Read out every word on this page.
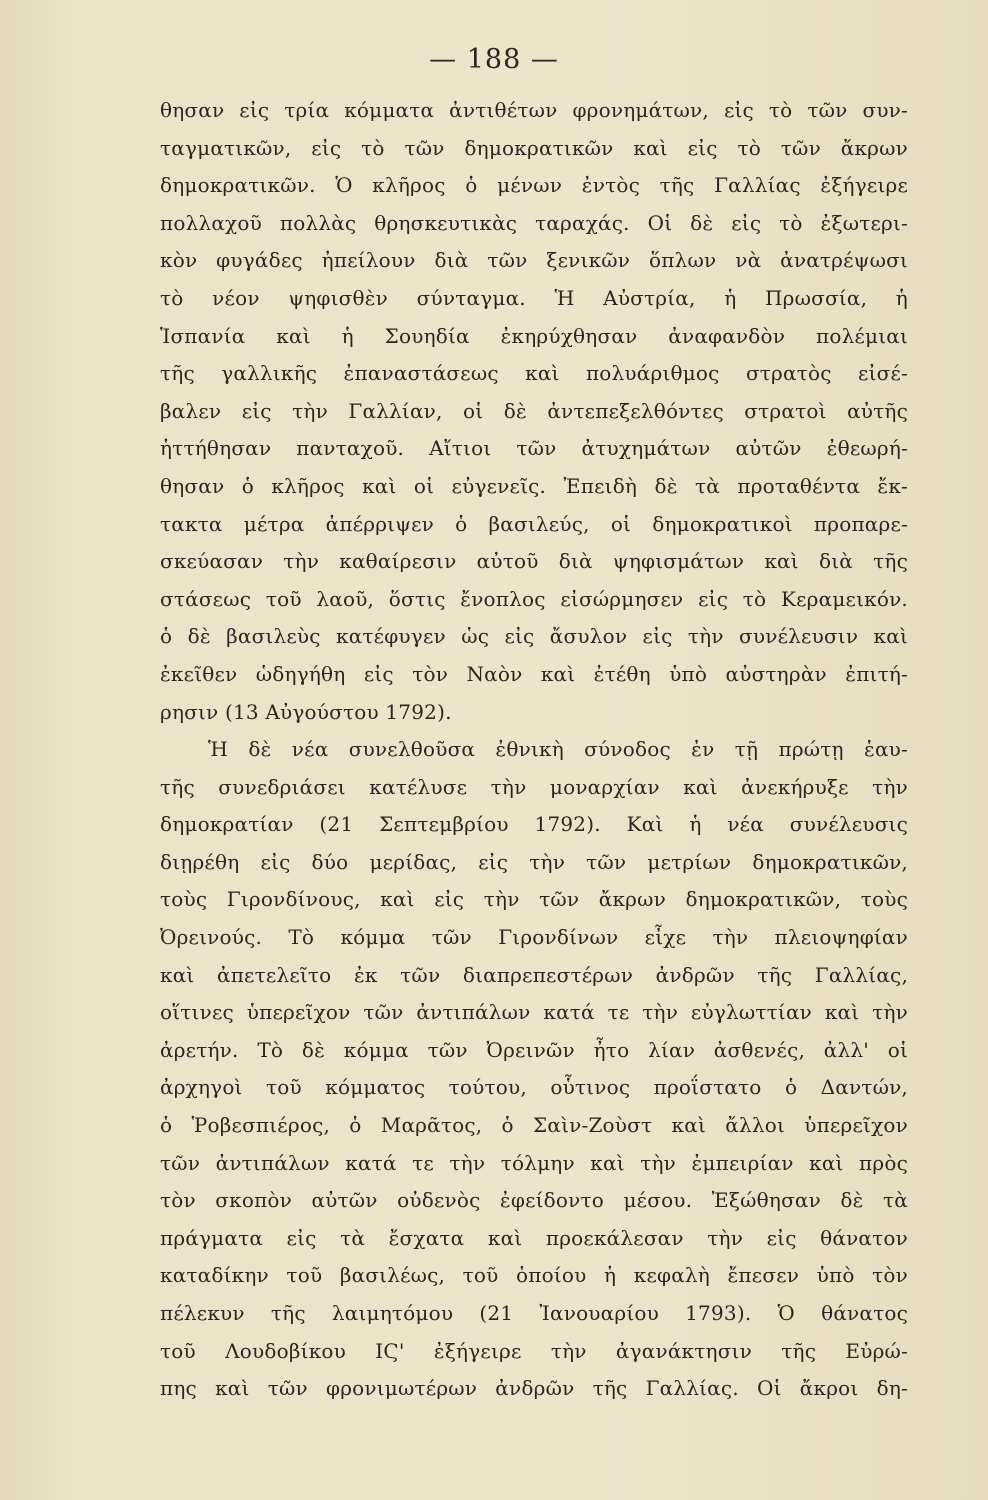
— 188 —
θησαν εἰς τρία κόμματα ἀντιθέτων φρονημάτων, εἰς τὸ τῶν συν-
ταγματικῶν, εἰς τὸ τῶν δημοκρατικῶν καὶ εἰς τὸ τῶν ἄκρων
δημοκρατικῶν. Ὁ κλῆρος ὁ μένων ἐντὸς τῆς Γαλλίας ἐξήγειρε
πολλαχοῦ πολλὰς θρησκευτικὰς ταραχάς. Οἱ δὲ εἰς τὸ ἐξωτερι-
κὸν φυγάδες ἠπείλουν διὰ τῶν ξενικῶν ὅπλων νὰ ἀνατρέψωσι
τὸ νέον ψηφισθὲν σύνταγμα. Ἡ Αὐστρία, ἡ Πρωσσία, ἡ
Ἱσπανία καὶ ἡ Σουηδία ἐκηρύχθησαν ἀναφανδὸν πολέμιαι
τῆς γαλλικῆς ἐπαναστάσεως καὶ πολυάριθμος στρατὸς εἰσέ-
βαλεν εἰς τὴν Γαλλίαν, οἱ δὲ ἀντεπεξελθόντες στρατοὶ αὐτῆς
ἡττήθησαν πανταχοῦ. Αἴτιοι τῶν ἀτυχημάτων αὐτῶν ἐθεωρή-
θησαν ὁ κλῆρος καὶ οἱ εὐγενεῖς. Ἐπειδὴ δὲ τὰ προταθέντα ἔκ-
τακτα μέτρα ἀπέρριψεν ὁ βασιλεύς, οἱ δημοκρατικοὶ προπαρε-
σκεύασαν τὴν καθαίρεσιν αὐτοῦ διὰ ψηφισμάτων καὶ διὰ τῆς
στάσεως τοῦ λαοῦ, ὅστις ἔνοπλος εἰσώρμησεν εἰς τὸ Κεραμεικόν.
ὁ δὲ βασιλεὺς κατέφυγεν ὡς εἰς ἄσυλον εἰς τὴν συνέλευσιν καὶ
ἐκεῖθεν ὡδηγήθη εἰς τὸν Ναὸν καὶ ἐτέθη ὑπὸ αὐστηρὰν ἐπιτή-
ρησιν (13 Αὐγούστου 1792).
Ἡ δὲ νέα συνελθοῦσα ἐθνικὴ σύνοδος ἐν τῇ πρώτῃ ἑαυ-
τῆς συνεδριάσει κατέλυσε τὴν μοναρχίαν καὶ ἀνεκήρυξε τὴν
δημοκρατίαν (21 Σεπτεμβρίου 1792). Καὶ ἡ νέα συνέλευσις
διῃρέθη εἰς δύο μερίδας, εἰς τὴν τῶν μετρίων δημοκρατικῶν,
τοὺς Γιρονδίνους, καὶ εἰς τὴν τῶν ἄκρων δημοκρατικῶν, τοὺς
Ὀρεινούς. Τὸ κόμμα τῶν Γιρονδίνων εἶχε τὴν πλειοψηφίαν
καὶ ἀπετελεῖτο ἐκ τῶν διαπρεπεστέρων ἀνδρῶν τῆς Γαλλίας,
οἵτινες ὑπερεῖχον τῶν ἀντιπάλων κατά τε τὴν εὐγλωττίαν καὶ τὴν
ἀρετήν. Τὸ δὲ κόμμα τῶν Ὀρεινῶν ἦτο λίαν ἀσθενές, ἀλλ' οἱ
ἀρχηγοὶ τοῦ κόμματος τούτου, οὗτινος προΐστατο ὁ Δαντών,
ὁ Ῥοβεσπιέρος, ὁ Μαρᾶτος, ὁ Σαὶν-Ζοὺστ καὶ ἄλλοι ὑπερεῖχον
τῶν ἀντιπάλων κατά τε τὴν τόλμην καὶ τὴν ἐμπειρίαν καὶ πρὸς
τὸν σκοπὸν αὐτῶν οὐδενὸς ἐφείδοντο μέσου. Ἐξώθησαν δὲ τὰ
πράγματα εἰς τὰ ἔσχατα καὶ προεκάλεσαν τὴν εἰς θάνατον
καταδίκην τοῦ βασιλέως, τοῦ ὁποίου ἡ κεφαλὴ ἔπεσεν ὑπὸ τὸν
πέλεκυν τῆς λαιμητόμου (21 Ἰανουαρίου 1793). Ὁ θάνατος
τοῦ Λουδοβίκου ΙϚ' ἐξήγειρε τὴν ἀγανάκτησιν τῆς Εὐρώ-
πης καὶ τῶν φρονιμωτέρων ἀνδρῶν τῆς Γαλλίας. Οἱ ἄκροι δη-
